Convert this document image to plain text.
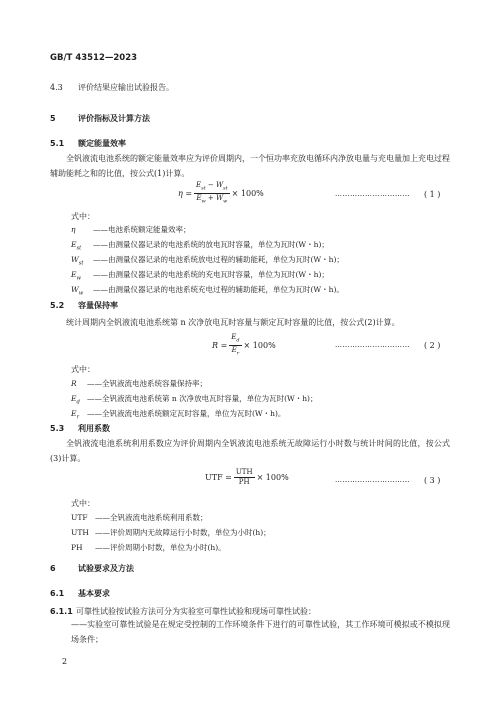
GB/T 43512—2023
4.3 评价结果应输出试验报告。
5	评价指标及计算方法
5.1 额定能量效率
全钒液流电池系统的额定能量效率应为评价周期内，一个恒功率充放电循环内净放电量与充电量加上充电过程辅助能耗之和的比值，按公式(1)计算。
$\eta = \frac{E_{st} - W_{st}}{E_w + W_w} \times 100\%$	………………………… ( 1 )
式中：
η ——电池系统额定能量效率；
$E_{st}$ ——由测量仪器记录的电池系统的放电瓦时容量，单位为瓦时(W・h)；
$W_{st}$ ——由测量仪器记录的电池系统放电过程的辅助能耗，单位为瓦时(W・h)；
$E_w$ ——由测量仪器记录的电池系统的充电瓦时容量，单位为瓦时(W・h)；
$W_w$ ——由测量仪器记录的电池系统充电过程的辅助能耗，单位为瓦时(W・h)。
5.2 容量保持率
统计周期内全钒液流电池系统第 n 次净放电瓦时容量与额定瓦时容量的比值，按公式(2)计算。
$R = \frac{E_d}{E_r} \times 100\%$	………………………… ( 2 )
式中：
R ——全钒液流电池系统容量保持率；
$E_d$ ——全钒液流电池系统第 n 次净放电瓦时容量，单位为瓦时(W・h)；
$E_r$ ——全钒液流电池系统额定瓦时容量，单位为瓦时(W・h)。
5.3 利用系数
全钒液流电池系统利用系数应为评价周期内全钒液流电池系统无故障运行小时数与统计时间的比值，按公式(3)计算。
UTF = $\frac{\text{UTH}}{PH} \times 100\%$	………………………… ( 3 )
式中：
UTF ——全钒液流电池系统利用系数；
UTH ——评价周期内无故障运行小时数，单位为小时(h)；
PH ——评价周期小时数，单位为小时(h)。
6	试验要求及方法
6.1 基本要求
6.1.1 可靠性试验按试验方法可分为实验室可靠性试验和现场可靠性试验：
——实验室可靠性试验是在规定受控制的工作环境条件下进行的可靠性试验，其工作环境可模拟或不模拟现场条件；
2
